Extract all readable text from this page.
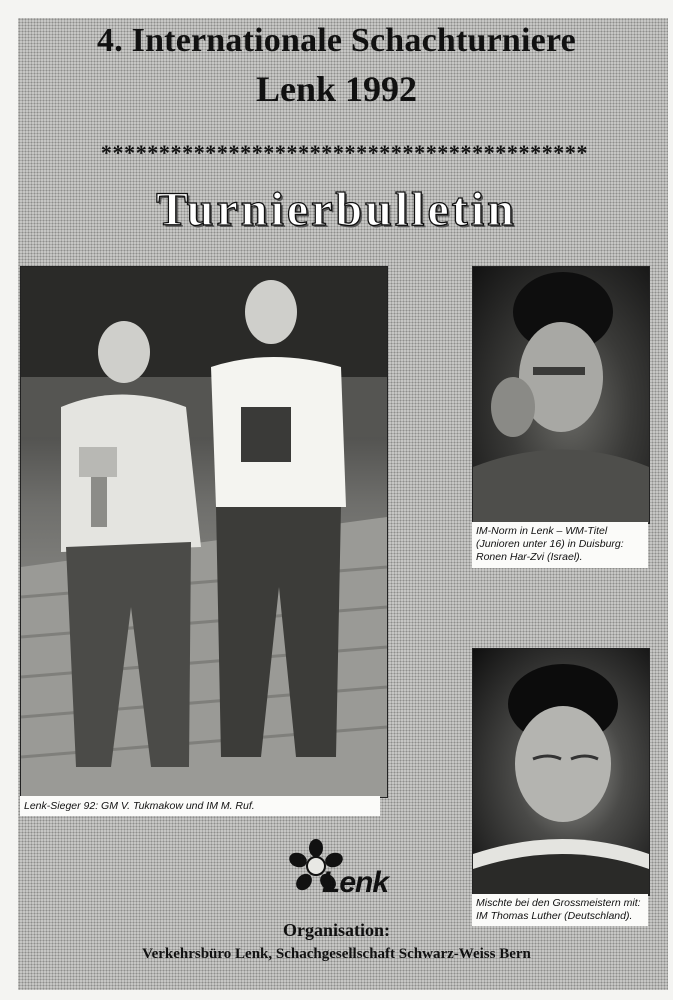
4. Internationale Schachturniere
Lenk 1992
******************************************
Turnierbulletin
Lenk-Sieger 92: GM V. Tukmakow und IM M. Ruf.
IM-Norm in Lenk – WM-Titel (Junioren unter 16) in Duisburg: Ronen Har-Zvi (Israel).
Mischte bei den Grossmeistern mit: IM Thomas Luther (Deutschland).
Lenk
Organisation:
Verkehrsbüro Lenk, Schachgesellschaft Schwarz-Weiss Bern
